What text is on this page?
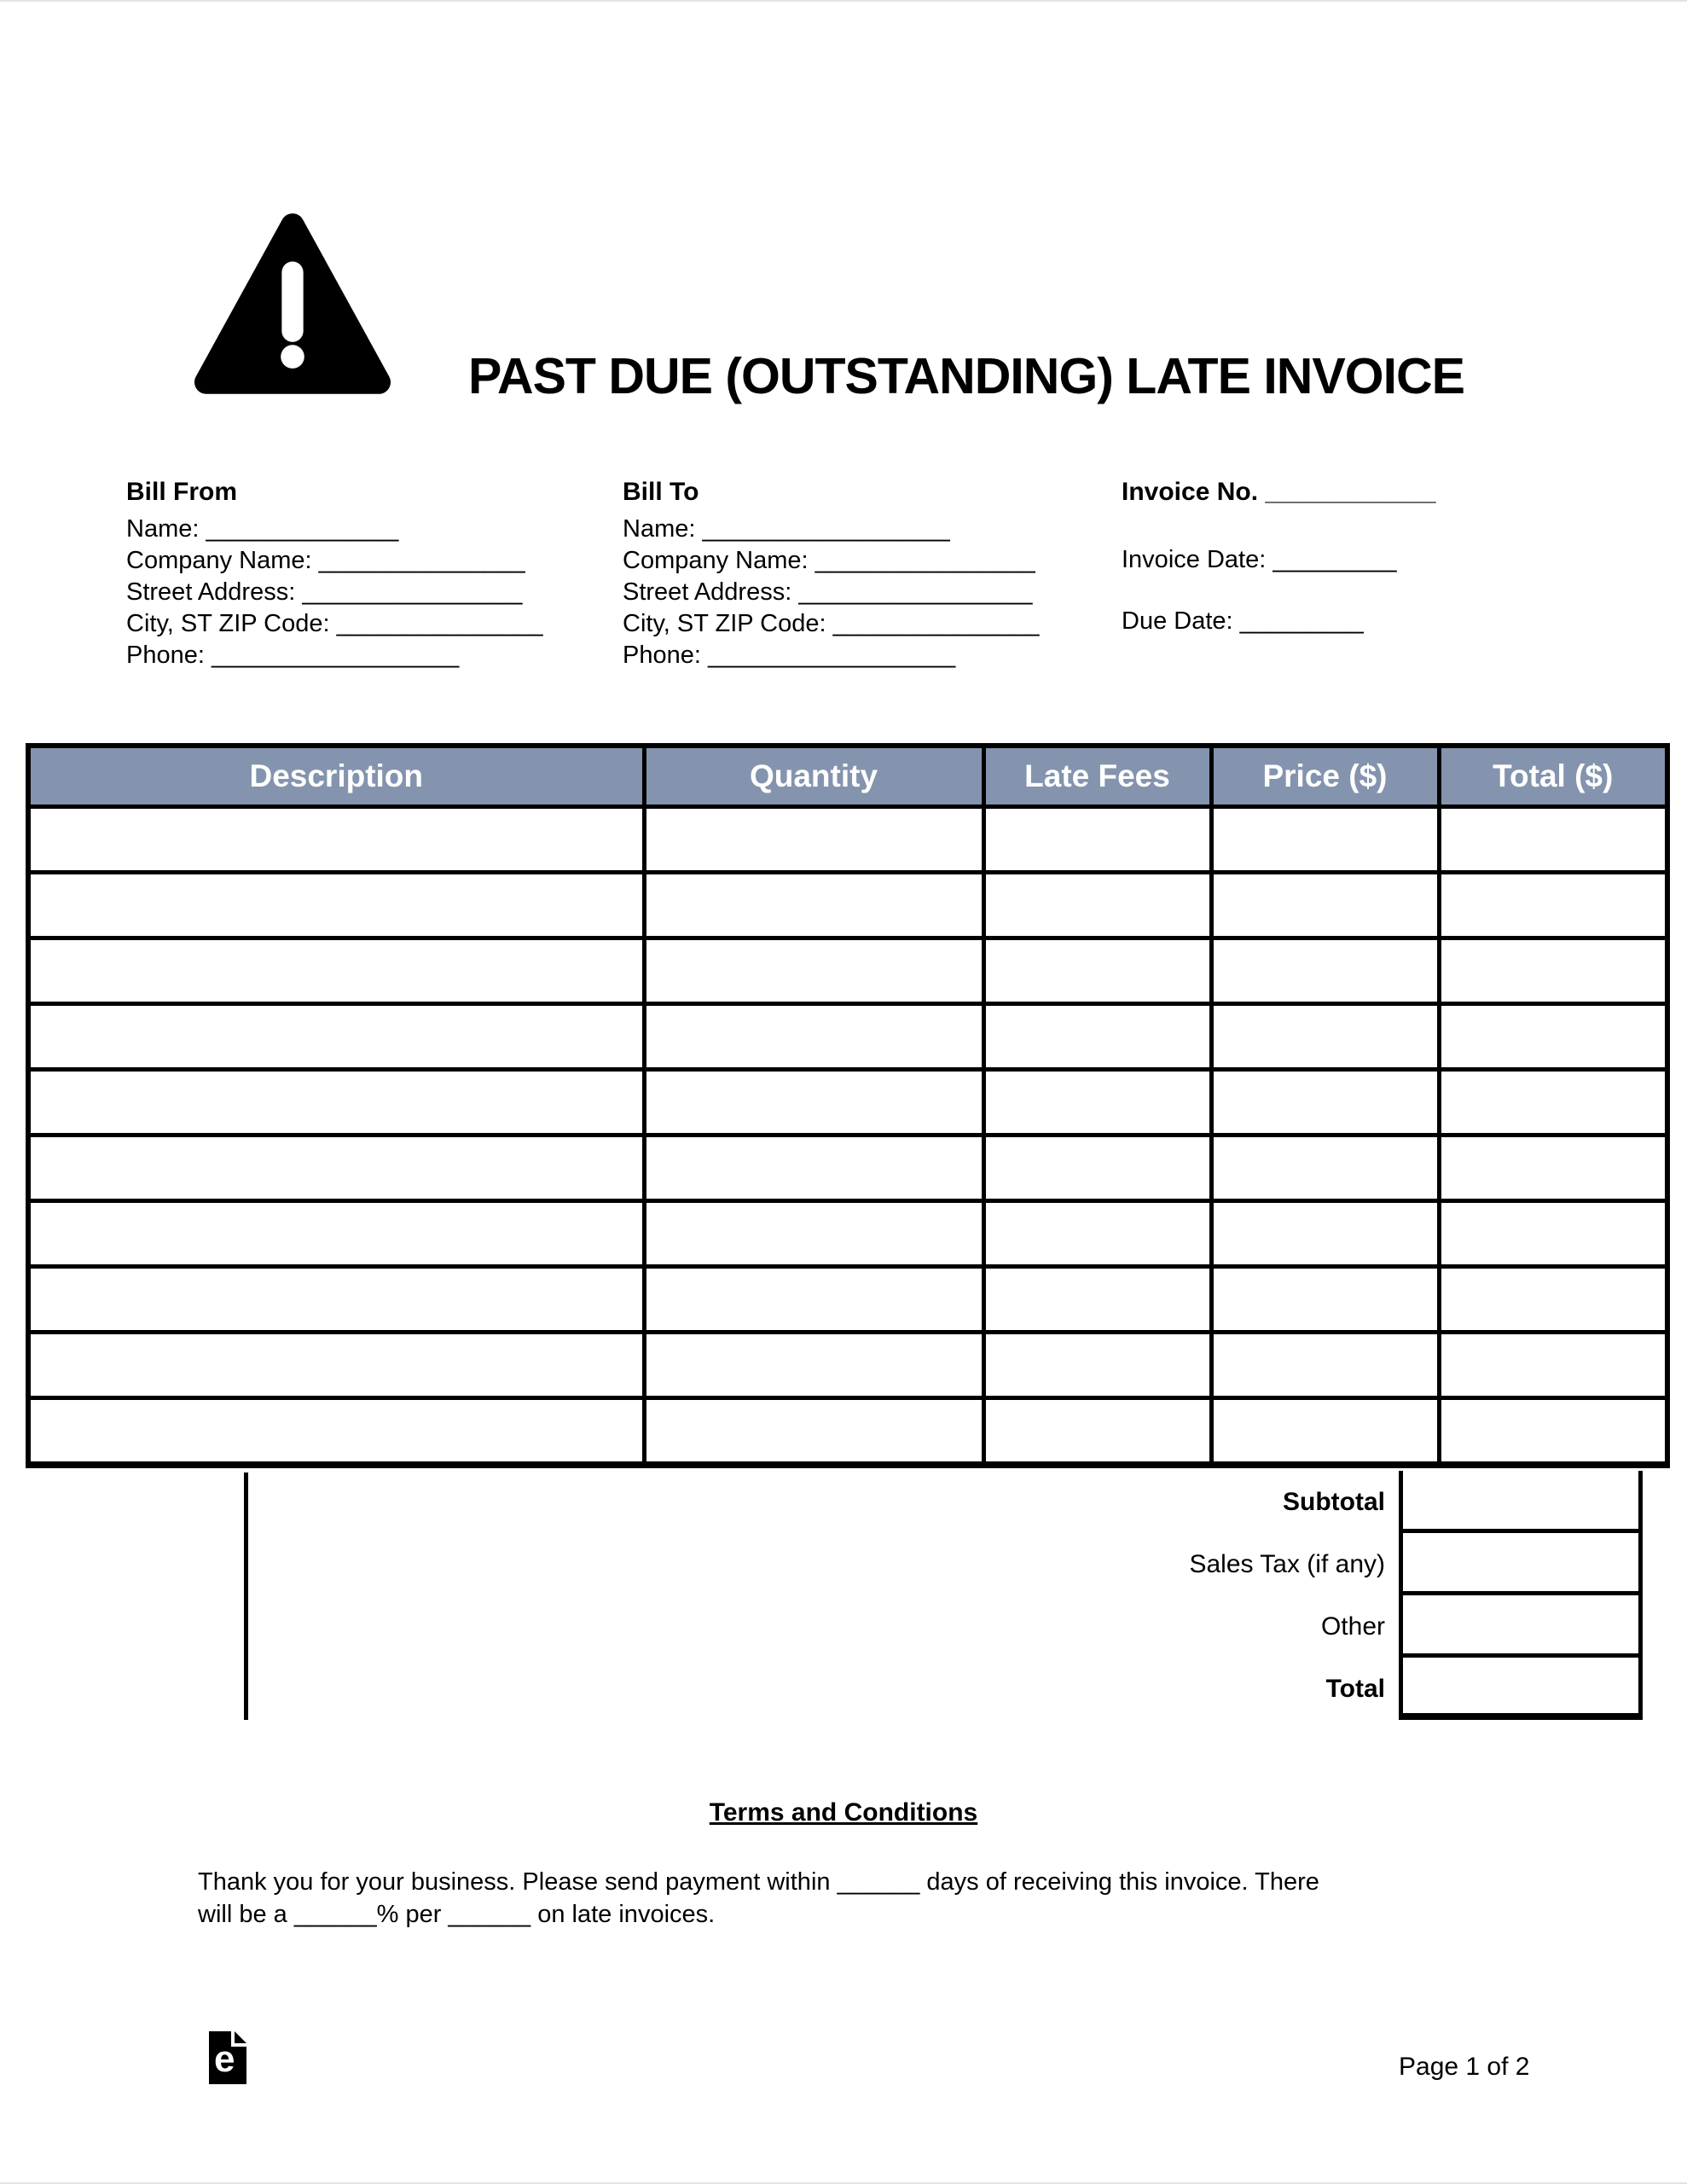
PAST DUE (OUTSTANDING) LATE INVOICE
Bill From
Name: ______________
Company Name: _______________
Street Address: ________________
City, ST ZIP Code: _______________
Phone: __________________
Bill To
Name: __________________
Company Name: ________________
Street Address: _________________
City, ST ZIP Code: _______________
Phone: __________________
Invoice No. ____________
Invoice Date: _________
Due Date: _________
Description	Quantity	Late Fees	Price ($)	Total ($)

Subtotal
Sales Tax (if any)
Other
Total
Terms and Conditions
Thank you for your business. Please send payment within ______ days of receiving this invoice. There
will be a ______% per ______ on late invoices.
e	Page 1 of 2
